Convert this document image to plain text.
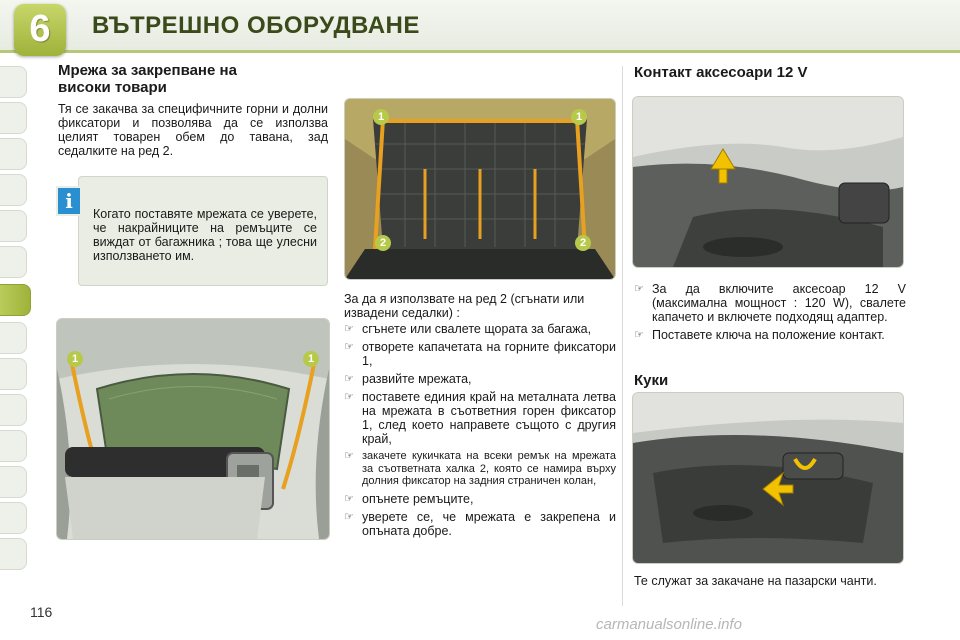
6	ВЪТРЕШНО ОБОРУДВАНЕ
Мрежа за закрепване на високи товари

Тя се закачва за специфичните горни и долни фиксатори и позволява да се използва целият товарен обем до тавана, зад седалките на ред 2.

Когато поставяте мрежата се уверете, че накрайниците на ремъците се виждат от багажника ; това ще улесни използването им.

i
1	1
1	1
2	2

За да я използвате на ред 2 (сгънати или извадени седалки) :

☞ сгънете или свалете щората за багажа,
☞ отворете капачетата на горните фиксатори 1,
☞ развийте мрежата,
☞ поставете единия край на металната летва на мрежата в съответния горен фиксатор 1, след което направете същото с другия край,
☞ закачете кукичката на всеки ремък на мрежата за съответната халка 2, която се намира върху долния фиксатор на задния страничен колан,
☞ опънете ремъците,
☞ уверете се, че мрежата е закрепена и опъната добре.
Контакт аксесоари 12 V
☞ За да включите аксесоар 12 V (максимална мощност : 120 W), свалете капачето и включете подходящ адаптер.
☞ Поставете ключа на положение контакт.
Куки

Те служат за закачане на пазарски чанти.

116
carmanualsonline.info
